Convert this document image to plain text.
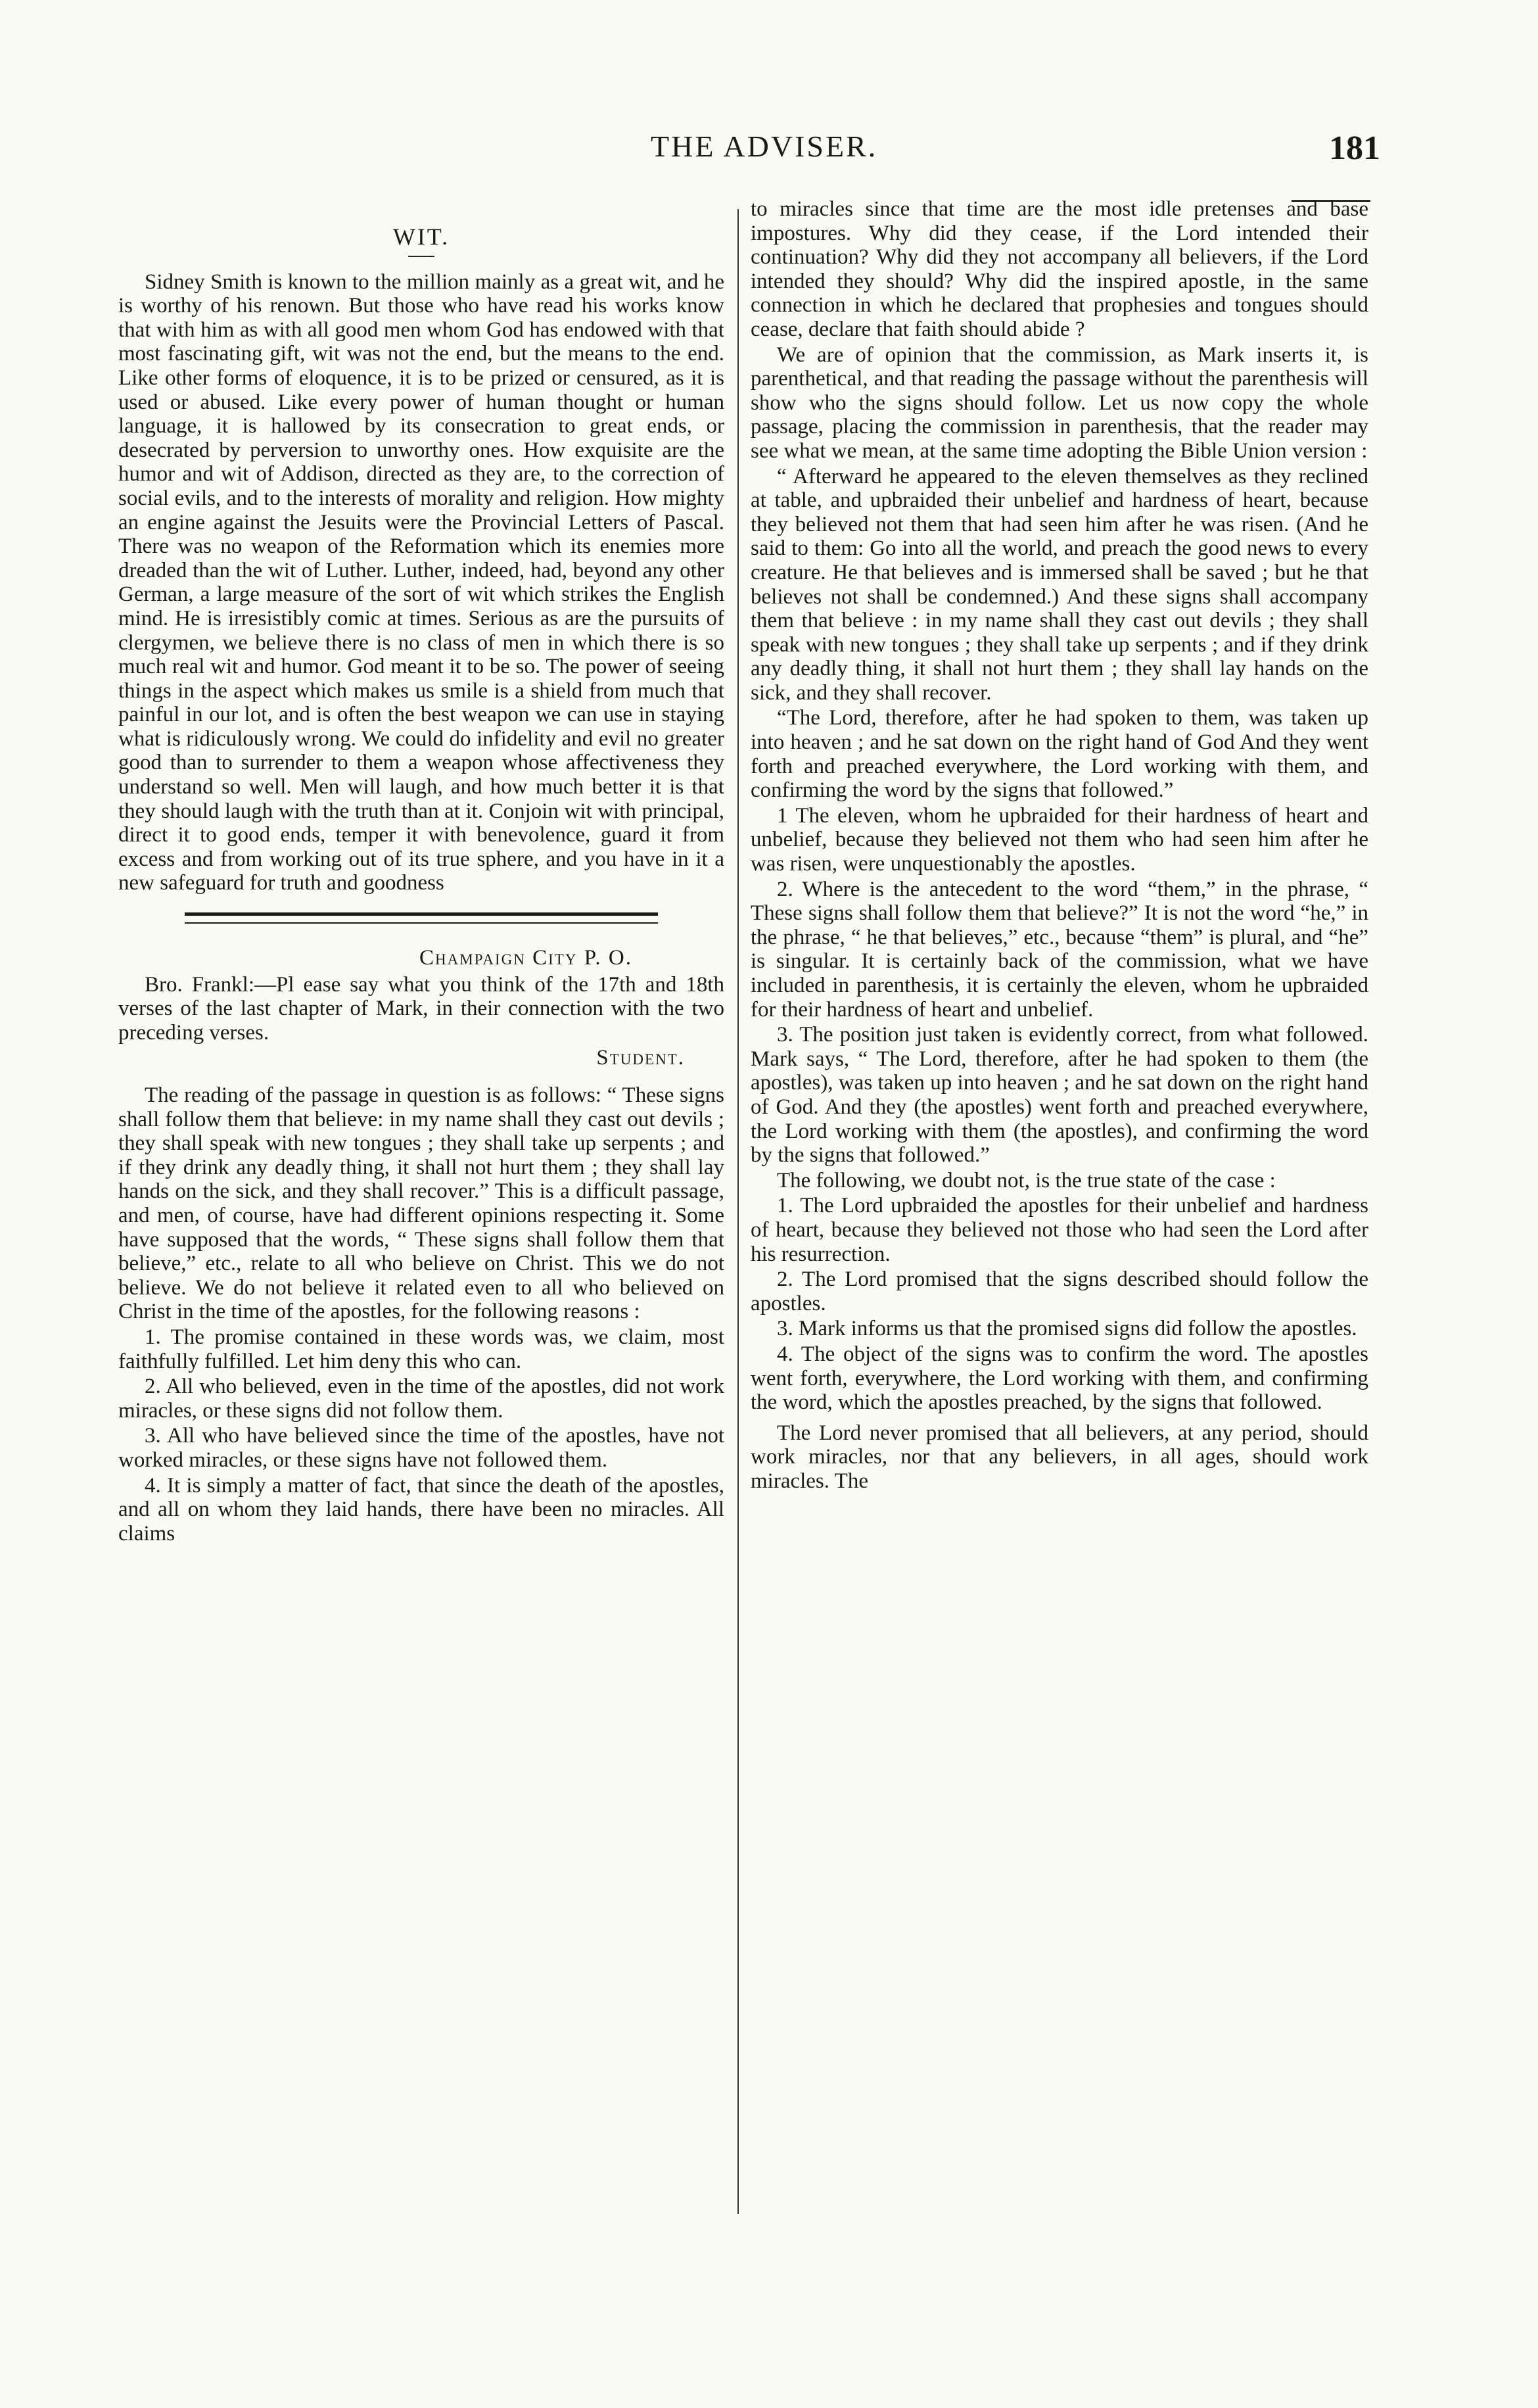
THE ADVISER.	181
WIT.

Sidney Smith is known to the million mainly as a great wit, and he is worthy of his renown. But those who have read his works know that with him as with all good men whom God has endowed with that most fascinating gift, wit was not the end, but the means to the end. Like other forms of eloquence, it is to be prized or censured, as it is used or abused. Like every power of human thought or human language, it is hallowed by its consecration to great ends, or desecrated by perversion to unworthy ones. How exquisite are the humor and wit of Addison, directed as they are, to the correction of social evils, and to the interests of morality and religion. How mighty an engine against the Jesuits were the Provincial Letters of Pascal. There was no weapon of the Reformation which its enemies more dreaded than the wit of Luther. Luther, indeed, had, beyond any other German, a large measure of the sort of wit which strikes the English mind. He is irresistibly comic at times. Serious as are the pursuits of clergymen, we believe there is no class of men in which there is so much real wit and humor. God meant it to be so. The power of seeing things in the aspect which makes us smile is a shield from much that painful in our lot, and is often the best weapon we can use in staying what is ridiculously wrong. We could do infidelity and evil no greater good than to surrender to them a weapon whose affectiveness they understand so well. Men will laugh, and how much better it is that they should laugh with the truth than at it. Conjoin wit with principal, direct it to good ends, temper it with benevolence, guard it from excess and from working out of its true sphere, and you have in it a new safeguard for truth and goodness

Champaign City P. O.

Bro. Frankl:—Pl ease say what you think of the 17th and 18th verses of the last chapter of Mark, in their connection with the two preceding verses.

Student.

The reading of the passage in question is as follows: “ These signs shall follow them that believe: in my name shall they cast out devils ; they shall speak with new tongues ; they shall take up serpents ; and if they drink any deadly thing, it shall not hurt them ; they shall lay hands on the sick, and they shall recover.” This is a difficult passage, and men, of course, have had different opinions respecting it. Some have supposed that the words, “ These signs shall follow them that believe,” etc., relate to all who believe on Christ. This we do not believe. We do not believe it related even to all who believed on Christ in the time of the apostles, for the following reasons :

1. The promise contained in these words was, we claim, most faithfully fulfilled. Let him deny this who can.

2. All who believed, even in the time of the apostles, did not work miracles, or these signs did not follow them.

3. All who have believed since the time of the apostles, have not worked miracles, or these signs have not followed them.

4. It is simply a matter of fact, that since the death of the apostles, and all on whom they laid hands, there have been no miracles. All claims

to miracles since that time are the most idle pretenses and base impostures. Why did they cease, if the Lord intended their continuation? Why did they not accompany all believers, if the Lord intended they should? Why did the inspired apostle, in the same connection in which he declared that prophesies and tongues should cease, declare that faith should abide ?

We are of opinion that the commission, as Mark inserts it, is parenthetical, and that reading the passage without the parenthesis will show who the signs should follow. Let us now copy the whole passage, placing the commission in parenthesis, that the reader may see what we mean, at the same time adopting the Bible Union version :

“ Afterward he appeared to the eleven themselves as they reclined at table, and upbraided their unbelief and hardness of heart, because they believed not them that had seen him after he was risen. (And he said to them: Go into all the world, and preach the good news to every creature. He that believes and is immersed shall be saved ; but he that believes not shall be condemned.) And these signs shall accompany them that believe : in my name shall they cast out devils ; they shall speak with new tongues ; they shall take up serpents ; and if they drink any deadly thing, it shall not hurt them ; they shall lay hands on the sick, and they shall recover.

“The Lord, therefore, after he had spoken to them, was taken up into heaven ; and he sat down on the right hand of God And they went forth and preached everywhere, the Lord working with them, and confirming the word by the signs that followed.”

1 The eleven, whom he upbraided for their hardness of heart and unbelief, because they believed not them who had seen him after he was risen, were unquestionably the apostles.

2. Where is the antecedent to the word “them,” in the phrase, “ These signs shall follow them that believe?” It is not the word “he,” in the phrase, “ he that believes,” etc., because “them” is plural, and “he” is singular. It is certainly back of the commission, what we have included in parenthesis, it is certainly the eleven, whom he upbraided for their hardness of heart and unbelief.

3. The position just taken is evidently correct, from what followed. Mark says, “ The Lord, therefore, after he had spoken to them (the apostles), was taken up into heaven ; and he sat down on the right hand of God. And they (the apostles) went forth and preached everywhere, the Lord working with them (the apostles), and confirming the word by the signs that followed.”

The following, we doubt not, is the true state of the case :

1. The Lord upbraided the apostles for their unbelief and hardness of heart, because they believed not those who had seen the Lord after his resurrection.

2. The Lord promised that the signs described should follow the apostles.

3. Mark informs us that the promised signs did follow the apostles.

4. The object of the signs was to confirm the word. The apostles went forth, everywhere, the Lord working with them, and confirming the word, which the apostles preached, by the signs that followed.

The Lord never promised that all believers, at any period, should work miracles, nor that any believers, in all ages, should work miracles. The
